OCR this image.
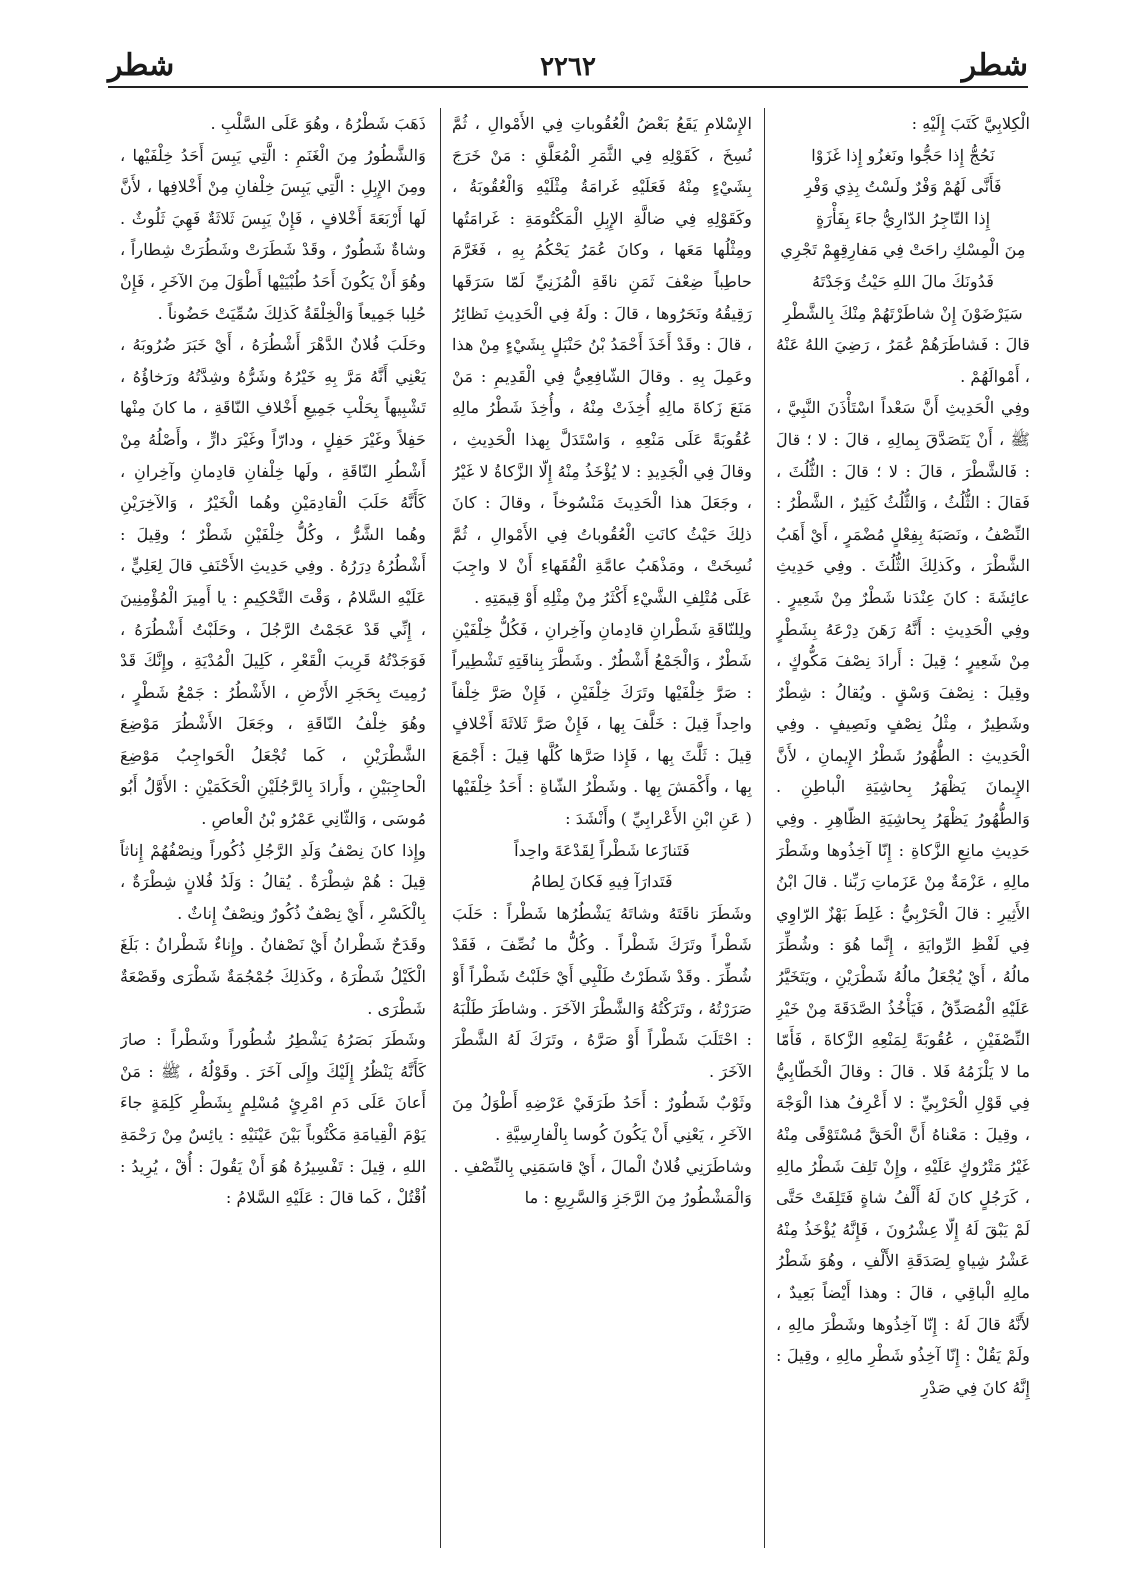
شطر
٢٢٦٢
شطر

الْكِلابِيَّ كَتَبَ إِلَيْهِ :

نَحُجُّ إِذا حَجُّوا ونَغزُو إِذا غَزَوْا

فَأَنَّى لَهُمْ وَفْرٌ ولَسْتُ بِذِي وَفْرِ

إِذا التّاجِرُ الدّارِيُّ جاءَ بِفَأْرَةٍ

مِنَ الْمِسْكِ راحَتْ فِي مَفارِقِهِمْ تَجْرِي

فَدُونَكَ مالَ اللهِ حَيْثُ وَجَدْتَهُ

سَيَرْضَوْنَ إِنْ شاطَرْتَهُمْ مِنْكَ بِالشَّطْرِ

قالَ : فَشاطَرَهُمْ عُمَرُ ، رَضِيَ اللهُ عَنْهُ ، أَمْوالَهُمْ .

وفِي الْحَدِيثِ أَنَّ سَعْداً اسْتَأْذَنَ النَّبِيَّ ، ﷺ ، أَنْ يَتَصَدَّقَ بِمالِهِ ، قالَ : لا ؛ قالَ : فَالشَّطْرَ ، قالَ : لا ؛ قالَ : الثُّلُثَ ، فَقالَ : الثُّلُثُ ، وَالثُّلُثُ كَثِيرٌ ، الشَّطْرُ : النِّصْفُ ، ونَصَبَهُ بِفِعْلٍ مُضْمَرٍ ، أَيْ أَهَبُ الشَّطْرَ ، وكَذلِكَ الثُّلُثَ . وفِي حَدِيثِ عائِشَةَ : كانَ عِنْدَنا شَطْرٌ مِنْ شَعِيرٍ . وفِي الْحَدِيثِ : أَنَّهُ رَهَنَ دِرْعَهُ بِشَطْرٍ مِنْ شَعِيرٍ ؛ قِيلَ : أَرادَ نِصْفَ مَكُّوكٍ ، وقِيلَ : نِصْفَ وَسْقٍ . ويُقالُ : شِطْرٌ وشَطِيرٌ ، مِثْلُ نِصْفٍ ونَصِيفٍ . وفِي الْحَدِيثِ : الطُّهُورُ شَطْرُ الإِيمانِ ، لأَنَّ الإِيمانَ يَظْهَرُ بِحاشِيَةِ الْباطِنِ . وَالطُّهُورُ يَظْهَرُ بِحاشِيَةِ الظّاهِرِ . وفِي حَدِيثِ مانِعِ الزَّكاةِ : إِنّا آخِذُوها وشَطْرَ مالِهِ ، عَزْمَةٌ مِنْ عَزَماتِ رَبِّنا . قالَ ابْنُ الأَثِيرِ : قالَ الْحَرْبِيُّ : غَلِطَ بَهْزٌ الرّاوِي فِي لَفْظِ الرِّوايَةِ ، إِنَّما هُوَ : وشُطِّرَ مالُهُ ، أَيْ يُجْعَلُ مالُهُ شَطْرَيْنِ ، ويَتَخَيَّرُ عَلَيْهِ الْمُصَدِّقُ ، فَيَأْخُذُ الصَّدَقَةَ مِنْ خَيْرِ النِّصْفَيْنِ ، عُقُوبَةً لِمَنْعِهِ الزَّكاةَ ، فَأَمّا ما لا يَلْزَمُهُ فَلا . قالَ : وقالَ الْخَطّابِيُّ فِي قَوْلِ الْحَرْبِيِّ : لا أَعْرِفُ هذا الْوَجْهَ ، وقِيلَ : مَعْناهُ أَنَّ الْحَقَّ مُسْتَوْفًى مِنْهُ غَيْرُ مَتْرُوكٍ عَلَيْهِ ، وإِنْ تَلِفَ شَطْرُ مالِهِ ، كَرَجُلٍ كانَ لَهُ أَلْفُ شاةٍ فَتَلِفَتْ حَتَّى لَمْ يَبْقَ لَهُ إِلّا عِشْرُونَ ، فَإِنَّهُ يُؤْخَذُ مِنْهُ عَشْرُ شِياهٍ لِصَدَقَةِ الأَلْفِ ، وهُوَ شَطْرُ مالِهِ الْباقِي ، قالَ : وهذا أَيْضاً بَعِيدٌ ، لأَنَّهُ قالَ لَهُ : إِنّا آخِذُوها وشَطْرَ مالِهِ ، ولَمْ يَقُلْ : إِنّا آخِذُو شَطْرِ مالِهِ ، وقِيلَ : إِنَّهُ كانَ فِي صَدْرِ

الإِسْلامِ يَقَعُ بَعْضُ الْعُقُوباتِ فِي الأَمْوالِ ، ثُمَّ نُسِخَ ، كَقَوْلِهِ فِي الثَّمَرِ الْمُعَلَّقِ : مَنْ خَرَجَ بِشَيْءٍ مِنْهُ فَعَلَيْهِ غَرامَةُ مِثْلَيْهِ وَالْعُقُوبَةُ ، وكَقَوْلِهِ فِي ضالَّةِ الإِبِلِ الْمَكْتُومَةِ : غَرامَتُها ومِثْلُها مَعَها ، وكانَ عُمَرُ يَحْكُمُ بِهِ ، فَغَرَّمَ حاطِباً ضِعْفَ ثَمَنِ ناقَةِ الْمُزَنِيِّ لَمّا سَرَقَها رَقِيقُهُ ونَحَرُوها ، قالَ : ولَهُ فِي الْحَدِيثِ نَظائِرُ ، قالَ : وقَدْ أَخَذَ أَحْمَدُ بْنُ حَنْبَلٍ بِشَيْءٍ مِنْ هذا وعَمِلَ بِهِ . وقالَ الشّافِعِيُّ فِي الْقَدِيمِ : مَنْ مَنَعَ زَكاةَ مالِهِ أُخِذَتْ مِنْهُ ، وأُخِذَ شَطْرُ مالِهِ عُقُوبَةً عَلَى مَنْعِهِ ، وَاسْتَدَلَّ بِهذا الْحَدِيثِ ، وقالَ فِي الْجَدِيدِ : لا يُؤْخَذُ مِنْهُ إِلّا الزَّكاةُ لا غَيْرُ ، وجَعَلَ هذا الْحَدِيثَ مَنْسُوخاً ، وقالَ : كانَ ذلِكَ حَيْثُ كانَتِ الْعُقُوباتُ فِي الأَمْوالِ ، ثُمَّ نُسِخَتْ ، ومَذْهَبُ عامَّةِ الْفُقَهاءِ أَنْ لا واجِبَ عَلَى مُتْلِفِ الشَّيْءِ أَكْثَرُ مِنْ مِثْلِهِ أَوْ قِيمَتِهِ .

ولِلنّاقَةِ شَطْرانِ قادِمانِ وآخِرانِ ، فَكُلُّ خِلْفَيْنِ شَطْرٌ ، وَالْجَمْعُ أَشْطُرٌ . وشَطَّرَ بِناقَتِهِ تَشْطِيراً : صَرَّ خِلْفَيْها وتَرَكَ خِلْفَيْنِ ، فَإِنْ صَرَّ خِلْفاً واحِداً قِيلَ : خَلَّفَ بِها ، فَإِنْ صَرَّ ثَلاثَةَ أَخْلافٍ قِيلَ : ثَلَّثَ بِها ، فَإِذا صَرَّها كُلَّها قِيلَ : أَجْمَعَ بِها ، وأَكْمَشَ بِها . وشَطْرُ الشّاةِ : أَحَدُ خِلْفَيْها ( عَنِ ابْنِ الأَعْرابِيِّ ) وأَنْشَدَ :

فَتَنازَعا شَطْراً لِقَدْعَةَ واحِداً

فَتَدارَآ فِيهِ فَكانَ لِطامُ

وشَطَرَ ناقَتَهُ وشاتَهُ يَشْطُرُها شَطْراً : حَلَبَ شَطْراً وتَرَكَ شَطْراً . وكُلُّ ما نُصِّفَ ، فَقَدْ شُطِّرَ . وقَدْ شَطَرْتُ طَلْبِي أَيْ حَلَبْتُ شَطْراً أَوْ صَرَرْتُهُ ، وتَرَكْتُهُ وَالشَّطْرَ الآخَرَ . وشاطَرَ طَلْبَهُ : احْتَلَبَ شَطْراً أَوْ صَرَّهُ ، وتَرَكَ لَهُ الشَّطْرَ الآخَرَ .

وثَوْبٌ شَطُورٌ : أَحَدُ طَرَفَيْ عَرْضِهِ أَطْوَلُ مِنَ الآخَرِ ، يَعْنِي أَنْ يَكُونَ كُوسا بِالْفارِسِيَّةِ .

وشاطَرَنِي فُلانٌ الْمالَ ، أَيْ قاسَمَنِي بِالنِّصْفِ .

وَالْمَشْطُورُ مِنَ الرَّجَزِ وَالسَّرِيعِ : ما

ذَهَبَ شَطْرُهُ ، وهُوَ عَلَى السَّلْبِ .

وَالشَّطُورُ مِنَ الْغَنَمِ : الَّتِي يَبِسَ أَحَدُ خِلْفَيْها ، ومِنَ الإِبِلِ : الَّتِي يَبِسَ خِلْفانِ مِنْ أَخْلافِها ، لأَنَّ لَها أَرْبَعَةَ أَخْلافٍ ، فَإِنْ يَبِسَ ثَلاثَةٌ فَهِيَ ثَلُوثٌ . وشاةٌ شَطُورٌ ، وقَدْ شَطَرَتْ وشَطُرَتْ شِطاراً ، وهُوَ أَنْ يَكُونَ أَحَدُ طُبْيَيْها أَطْوَلَ مِنَ الآخَرِ ، فَإِنْ حُلِبا جَمِيعاً وَالْخِلْقَةُ كَذلِكَ سُمِّيَتْ حَضُوناً .

وحَلَبَ فُلانٌ الدَّهْرَ أَشْطُرَهُ ، أَيْ خَبَرَ ضُرُوبَهُ ، يَعْنِي أَنَّهُ مَرَّ بِهِ خَيْرُهُ وشَرُّهُ وشِدَّتُهُ ورَخاؤُهُ ، تَشْبِيهاً بِحَلْبِ جَمِيعِ أَخْلافِ النّاقَةِ ، ما كانَ مِنْها حَفِلاً وغَيْرَ حَفِلٍ ، ودارّاً وغَيْرَ دارٍّ ، وأَصْلُهُ مِنْ أَشْطُرِ النّاقَةِ ، ولَها خِلْفانِ قادِمانِ وآخِرانِ ، كَأَنَّهُ حَلَبَ الْقادِمَيْنِ وهُما الْخَيْرُ ، وَالآخِرَيْنِ وهُما الشَّرُّ ، وكُلُّ خِلْفَيْنِ شَطْرٌ ؛ وقِيلَ : أَشْطُرُهُ دِرَرُهُ . وفِي حَدِيثِ الأَحْنَفِ قالَ لِعَلِيٍّ ، عَلَيْهِ السَّلامُ ، وَقْتَ التَّحْكِيمِ : يا أَمِيرَ الْمُؤْمِنِينَ ، إِنِّي قَدْ عَجَمْتُ الرَّجُلَ ، وحَلَبْتُ أَشْطُرَهُ ، فَوَجَدْتُهُ قَرِيبَ الْقَعْرِ ، كَلِيلَ الْمُدْيَةِ ، وإِنَّكَ قَدْ رُمِيتَ بِحَجَرِ الأَرْضِ ، الأَشْطُرُ : جَمْعُ شَطْرٍ ، وهُوَ خِلْفُ النّاقَةِ ، وجَعَلَ الأَشْطُرَ مَوْضِعَ الشَّطْرَيْنِ ، كَما تُجْعَلُ الْحَواجِبُ مَوْضِعَ الْحاجِبَيْنِ ، وأَرادَ بِالرَّجُلَيْنِ الْحَكَمَيْنِ : الأَوَّلُ أَبُو مُوسَى ، وَالثّانِي عَمْرُو بْنُ الْعاصِ .

وإِذا كانَ نِصْفُ وَلَدِ الرَّجُلِ ذُكُوراً ونِصْفُهُمْ إِناثاً قِيلَ : هُمْ شِطْرَةٌ . يُقالُ : وَلَدُ فُلانٍ شِطْرَةٌ ، بِالْكَسْرِ ، أَيْ نِصْفٌ ذُكُورٌ ونِصْفٌ إِناثٌ .

وقَدَحٌ شَطْرانُ أَيْ نَصْفانُ . وإِناءٌ شَطْرانُ : بَلَغَ الْكَيْلُ شَطْرَهُ ، وكَذلِكَ جُمْجُمَةٌ شَطْرَى وقَصْعَةٌ شَطْرَى .

وشَطَرَ بَصَرُهُ يَشْطِرُ شُطُوراً وشَطْراً : صارَ كَأَنَّهُ يَنْظُرُ إِلَيْكَ وإِلَى آخَرَ . وقَوْلُهُ ، ﷺ : مَنْ أَعانَ عَلَى دَمِ امْرِئٍ مُسْلِمٍ بِشَطْرِ كَلِمَةٍ جاءَ يَوْمَ الْقِيامَةِ مَكْتُوباً بَيْنَ عَيْنَيْهِ : يائِسٌ مِنْ رَحْمَةِ اللهِ ، قِيلَ : تَفْسِيرُهُ هُوَ أَنْ يَقُولَ : أُقْ ، يُرِيدُ : اُقْتُلْ ، كَما قالَ : عَلَيْهِ السَّلامُ :
